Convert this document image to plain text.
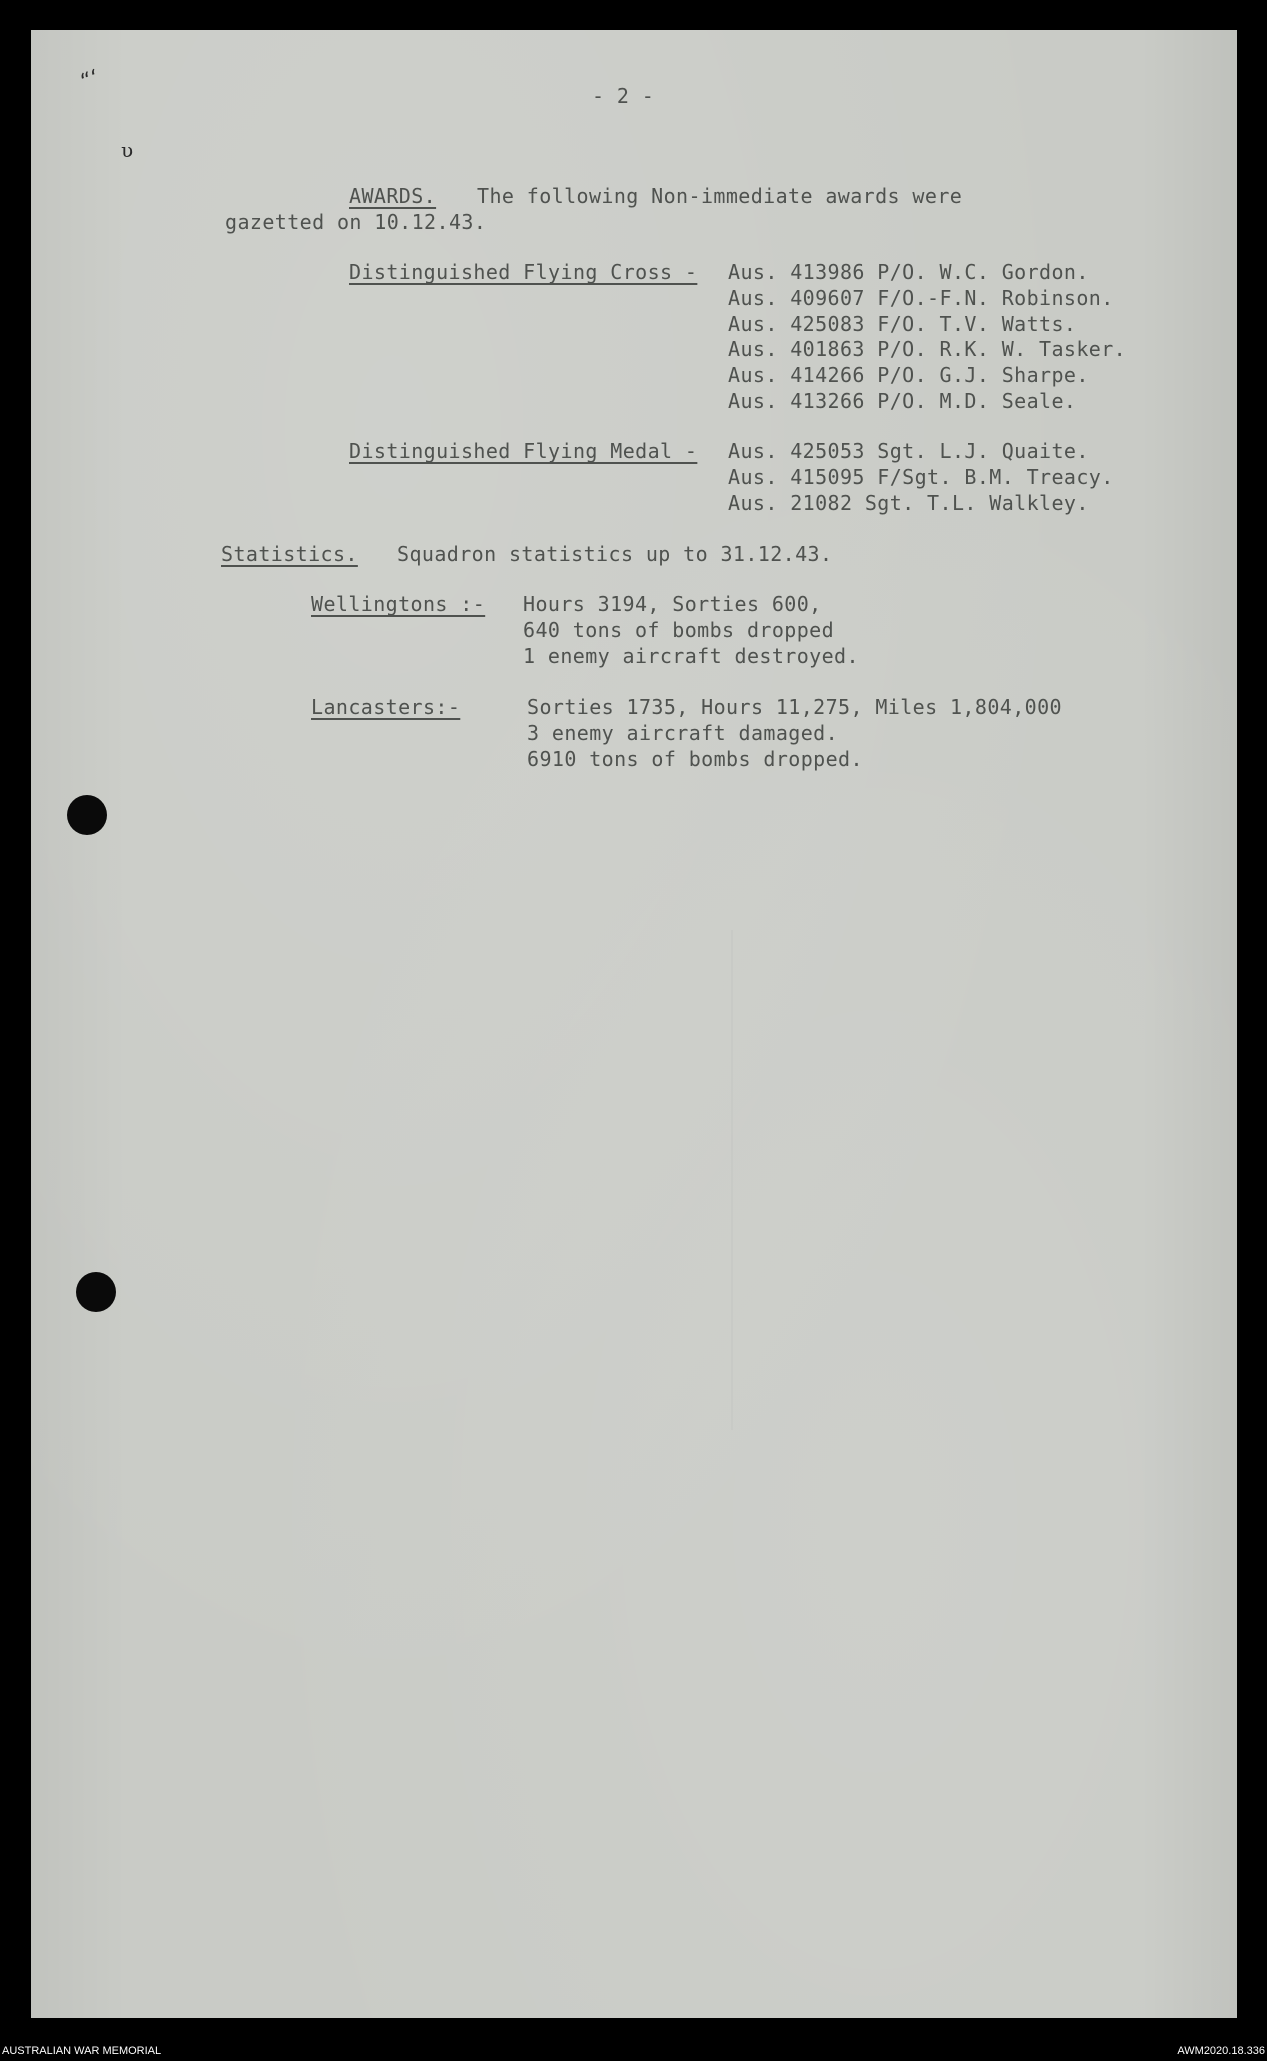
“ʻ
υ
- 2 -
AWARDS. The following Non-immediate awards were
gazetted on 10.12.43.
Distinguished Flying Cross - Aus. 413986 P/O. W.C. Gordon.
Aus. 409607 F/O.-F.N. Robinson.
Aus. 425083 F/O. T.V. Watts.
Aus. 401863 P/O. R.K. W. Tasker.
Aus. 414266 P/O. G.J. Sharpe.
Aus. 413266 P/O. M.D. Seale.
Distinguished Flying Medal - Aus. 425053 Sgt. L.J. Quaite.
Aus. 415095 F/Sgt. B.M. Treacy.
Aus. 21082 Sgt. T.L. Walkley.
Statistics. Squadron statistics up to 31.12.43.
Wellingtons :- Hours 3194, Sorties 600,
640 tons of bombs dropped
1 enemy aircraft destroyed.
Lancasters:-	Sorties 1735, Hours 11,275, Miles 1,804,000
3 enemy aircraft damaged.
6910 tons of bombs dropped.
AUSTRALIAN WAR MEMORIAL	AWM2020.18.336
